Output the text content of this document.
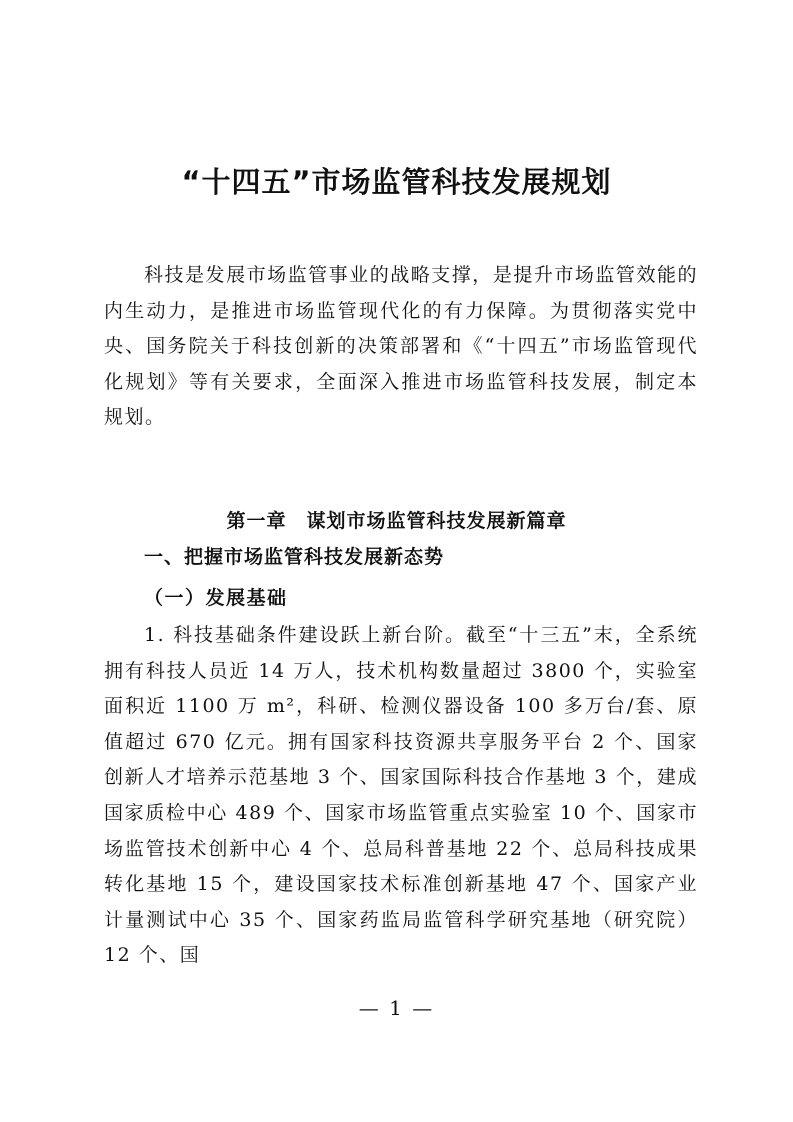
“十四五”市场监管科技发展规划

科技是发展市场监管事业的战略支撑，是提升市场监管效能的内生动力，是推进市场监管现代化的有力保障。为贯彻落实党中央、国务院关于科技创新的决策部署和《“十四五”市场监管现代化规划》等有关要求，全面深入推进市场监管科技发展，制定本规划。

第一章　谋划市场监管科技发展新篇章
一、把握市场监管科技发展新态势
（一）发展基础

1. 科技基础条件建设跃上新台阶。截至“十三五”末，全系统拥有科技人员近 14 万人，技术机构数量超过 3800 个，实验室面积近 1100 万 m²，科研、检测仪器设备 100 多万台/套、原值超过 670 亿元。拥有国家科技资源共享服务平台 2 个、国家创新人才培养示范基地 3 个、国家国际科技合作基地 3 个，建成国家质检中心 489 个、国家市场监管重点实验室 10 个、国家市场监管技术创新中心 4 个、总局科普基地 22 个、总局科技成果转化基地 15 个，建设国家技术标准创新基地 47 个、国家产业计量测试中心 35 个、国家药监局监管科学研究基地（研究院）12 个、国

— 1 —
